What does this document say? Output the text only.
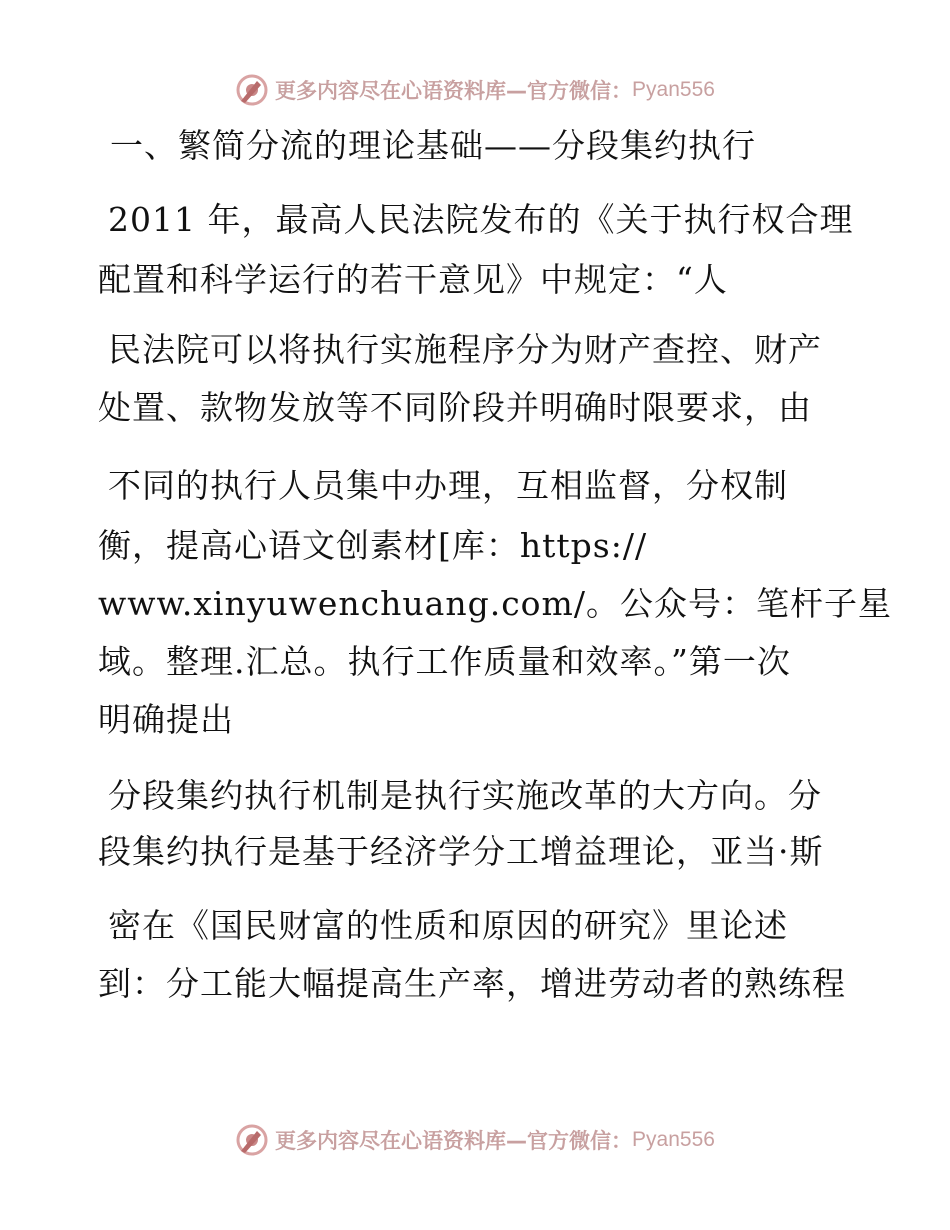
更多内容尽在心语资料库—官方微信： Pyan556
一、繁简分流的理论基础——分段集约执行
2011 年，最高人民法院发布的《关于执行权合理
配置和科学运行的若干意见》中规定：“人
民法院可以将执行实施程序分为财产查控、财产
处置、款物发放等不同阶段并明确时限要求，由
不同的执行人员集中办理，互相监督，分权制
衡，提高心语文创素材[库：https://
www.xinyuwenchuang.com/。公众号：笔杆子星
域。整理.汇总。执行工作质量和效率。”第一次
明确提出
分段集约执行机制是执行实施改革的大方向。分
段集约执行是基于经济学分工增益理论，亚当·斯
密在《国民财富的性质和原因的研究》里论述
到：分工能大幅提高生产率，增进劳动者的熟练程
更多内容尽在心语资料库—官方微信： Pyan556
